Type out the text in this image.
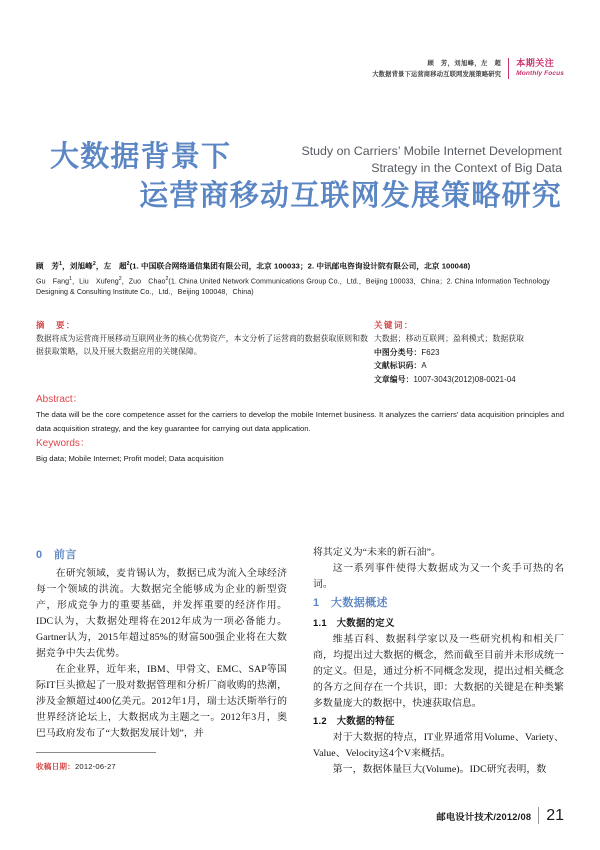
顾　芳，刘旭峰，左　超
大数据背景下运营商移动互联网发展策略研究
本期关注
Monthly Focus
大数据背景下	Study on Carriers’ Mobile Internet Development
Strategy in the Context of Big Data
运营商移动互联网发展策略研究
顾　芳$^1$，刘旭峰$^2$，左　超$^2$(1. 中国联合网络通信集团有限公司，北京 100033；2. 中讯邮电咨询设计院有限公司，北京 100048)
Gu　Fang$^1$，Liu　Xufeng$^2$，Zuo　Chao$^2$(1. China United Network Communications Group Co.，Ltd.，Beijing 100033，China；2. China Information Technology Designing & Consulting Institute Co.，Ltd.，Beijing 100048，China)
摘　要：
数据将成为运营商开展移动互联网业务的核心优势资产，本文分析了运营商的数据获取原则和数据获取策略，以及开展大数据应用的关键保障。
关键词：
大数据；移动互联网；盈利模式；数据获取
中图分类号：F623
文献标识码：A
文章编号：1007-3043(2012)08-0021-04
Abstract：
The data will be the core competence asset for the carriers to develop the mobile Internet business. It analyzes the carriers’ data acquisition principles and data acquisition strategy, and the key guarantee for carrying out data application.
Keywords：
Big data; Mobile Internet; Profit model; Data acquisition
0　前言

在研究领域，麦肯锡认为，数据已成为流入全球经济每一个领域的洪流。大数据完全能够成为企业的新型资产，形成竞争力的重要基础，并发挥重要的经济作用。IDC认为，大数据处理将在2012年成为一项必备能力。Gartner认为，2015年超过85%的财富500强企业将在大数据竞争中失去优势。

在企业界，近年来，IBM、甲骨文、EMC、SAP等国际IT巨头掀起了一股对数据管理和分析厂商收购的热潮，涉及金额超过400亿美元。2012年1月，瑞士达沃斯举行的世界经济论坛上，大数据成为主题之一。2012年3月，奥巴马政府发布了“大数据发展计划”，并

将其定义为“未来的新石油”。

这一系列事件使得大数据成为又一个炙手可热的名词。

1　大数据概述
1.1　大数据的定义

维基百科、数据科学家以及一些研究机构和相关厂商，均提出过大数据的概念，然而截至目前并未形成统一的定义。但是，通过分析不同概念发现，提出过相关概念的各方之间存在一个共识，即：大数据的关键是在种类繁多数量庞大的数据中，快速获取信息。

1.2　大数据的特征

对于大数据的特点，IT业界通常用Volume、Variety、Value、Velocity这4个V来概括。

第一，数据体量巨大(Volume)。IDC研究表明，数

收稿日期：2012-06-27
邮电设计技术/2012/08 21
